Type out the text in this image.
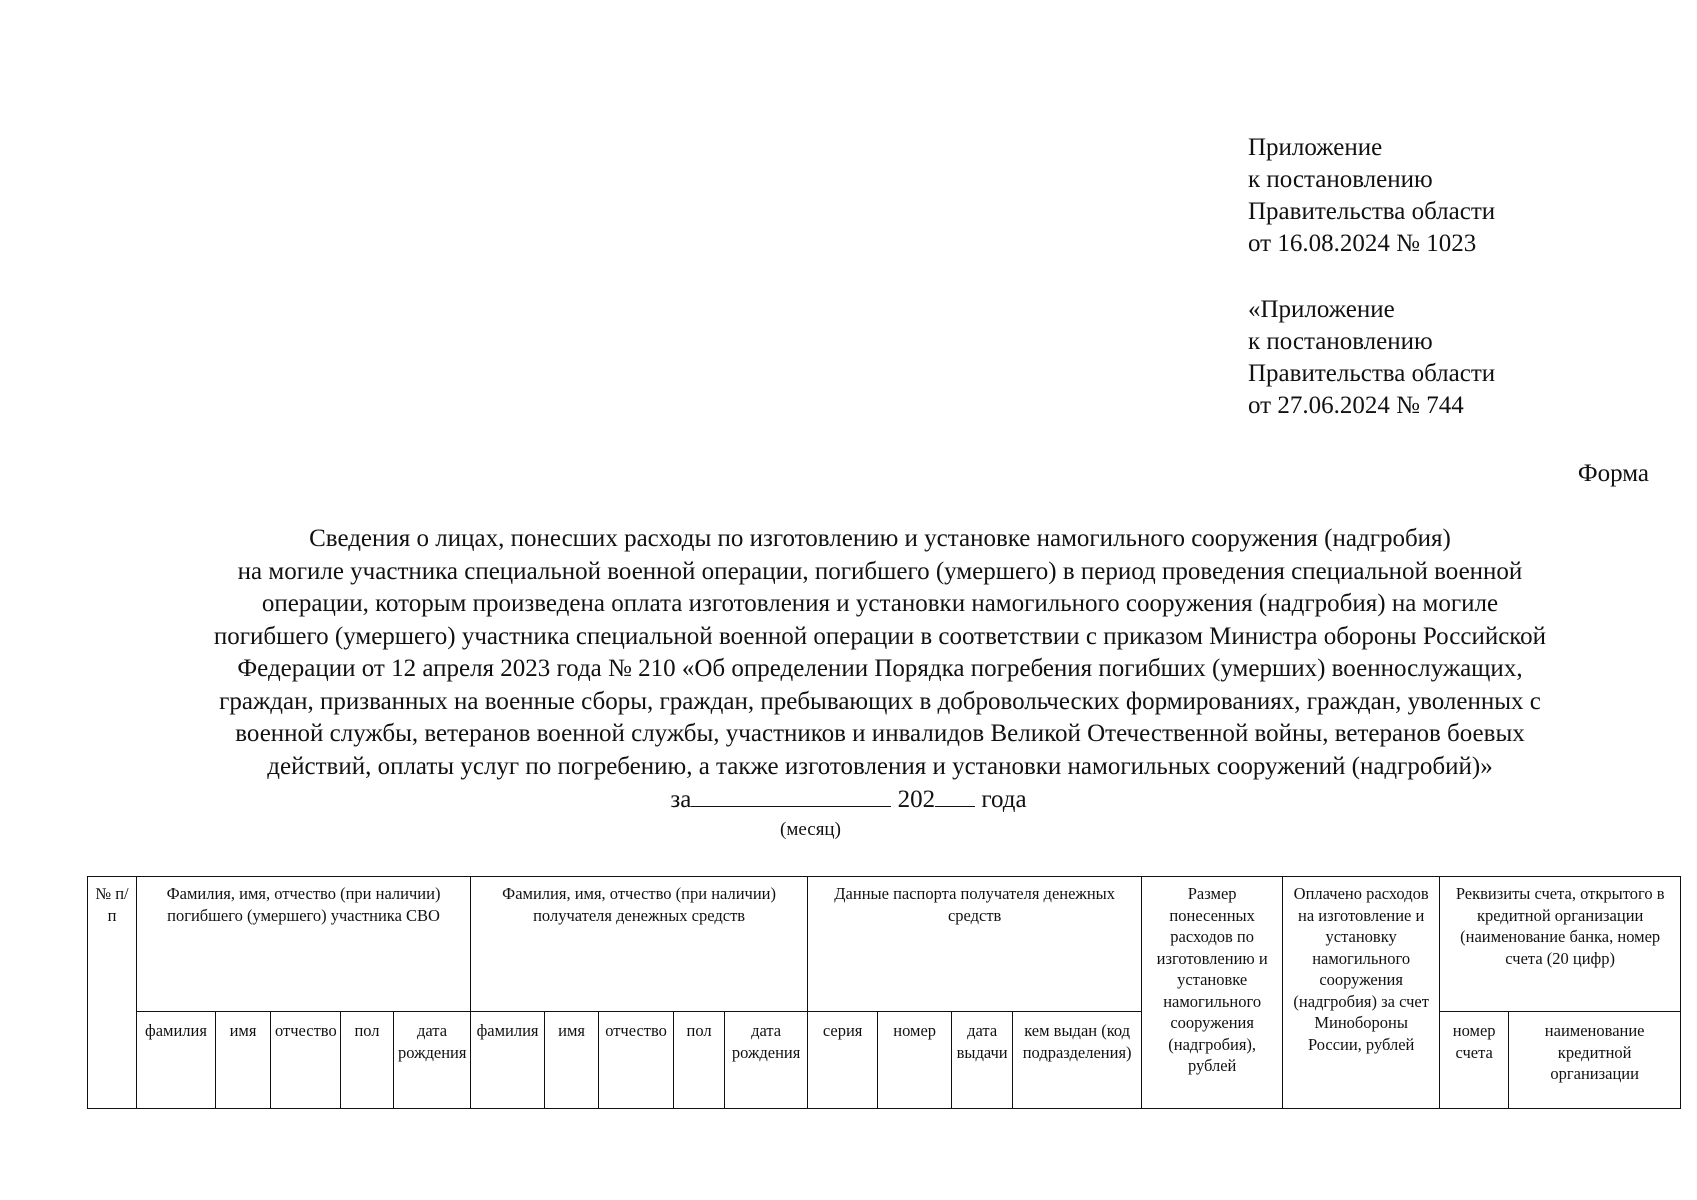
Приложение
к постановлению
Правительства области
от 16.08.2024 № 1023
«Приложение
к постановлению
Правительства области
от 27.06.2024 № 744
Форма
Сведения о лицах, понесших расходы по изготовлению и установке намогильного сооружения (надгробия)
на могиле участника специальной военной операции, погибшего (умершего) в период проведения специальной военной
операции, которым произведена оплата изготовления и установки намогильного сооружения (надгробия) на могиле
погибшего (умершего) участника специальной военной операции в соответствии с приказом Министра обороны Российской
Федерации от 12 апреля 2023 года № 210 «Об определении Порядка погребения погибших (умерших) военнослужащих,
граждан, призванных на военные сборы, граждан, пребывающих в добровольческих формированиях, граждан, уволенных с
военной службы, ветеранов военной службы, участников и инвалидов Великой Отечественной войны, ветеранов боевых
действий, оплаты услуг по погребению, а также изготовления и установки намогильных сооружений (надгробий)»
за	202 года
(месяц)
№ п/п	Фамилия, имя, отчество (при наличии) погибшего (умершего) участника СВО					Фамилия, имя, отчество (при наличии) получателя денежных средств					Данные паспорта получателя денежных средств				Размер понесенных расходов по изготовлению и установке намогильного сооружения (надгробия), рублей	Оплачено расходов на изготовление и установку намогильного сооружения (надгробия) за счет Минобороны России, рублей	Реквизиты счета, открытого в кредитной организации (наименование банка, номер счета (20 цифр)	
	фамилия	имя	отчество	пол	дата рождения	фамилия	имя	отчество	пол	дата рождения	серия	номер	дата выдачи	кем выдан (код подразделения)			номер счета	наименование кредитной организации
